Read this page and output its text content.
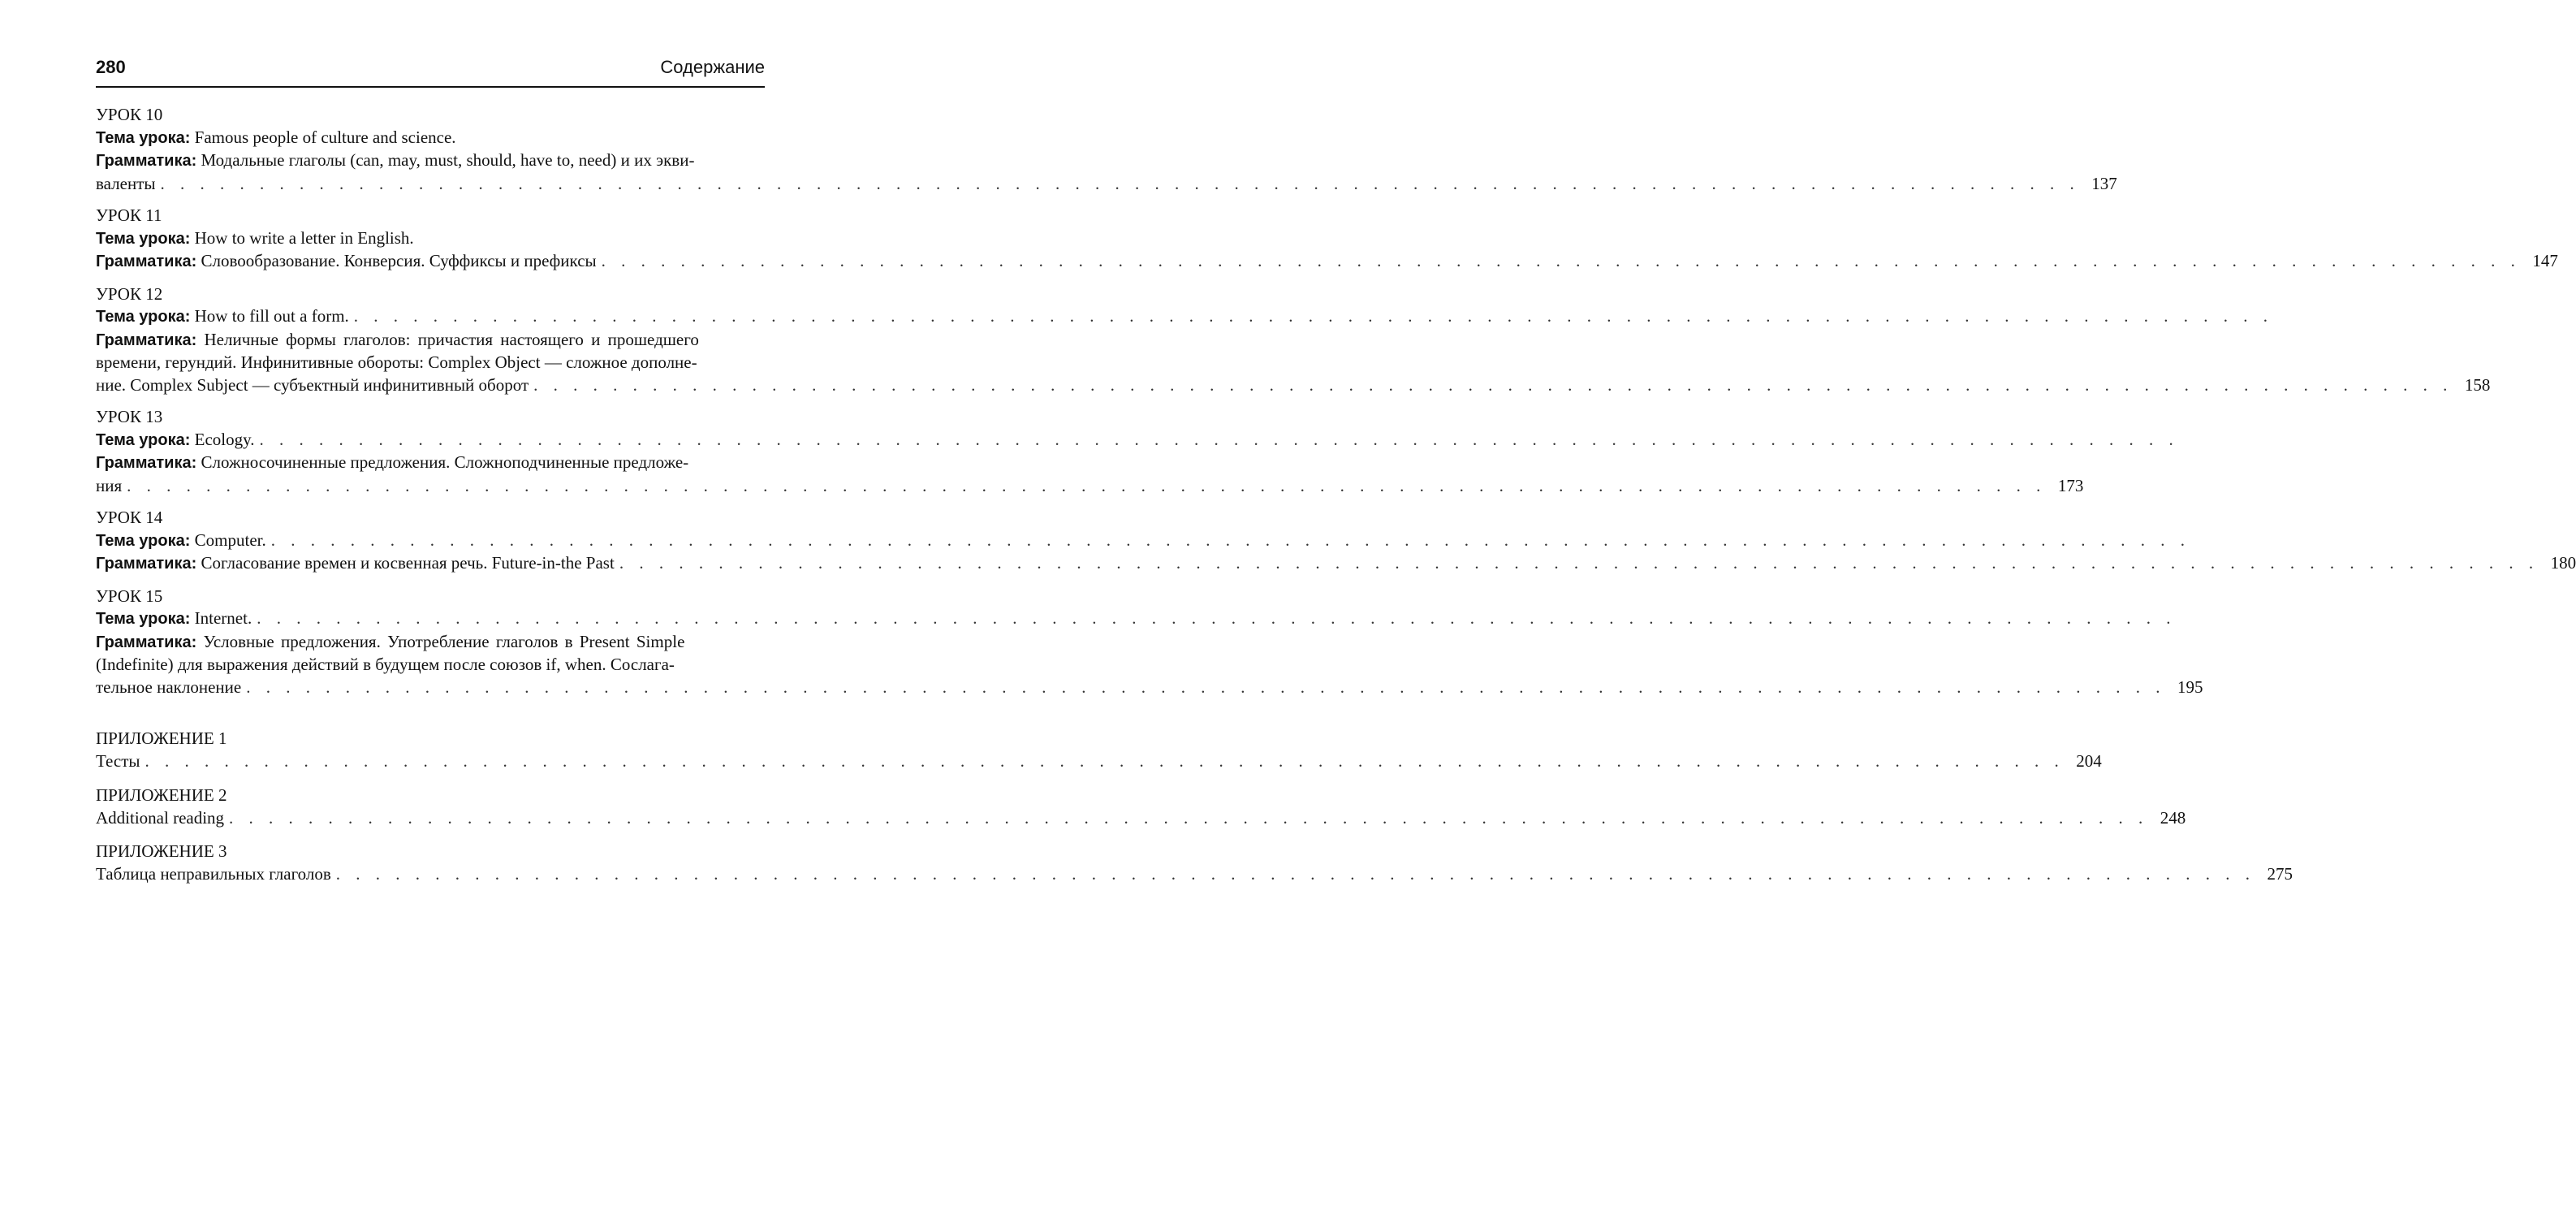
280	Содержание
УРОК 10
Тема урока: Famous people of culture and science.
Грамматика: Модальные глаголы (can, may, must, should, have to, need) и их экви-
валенты . . . . . . . . . . . . . . . . . . . . . . . . . . . . . . . . . . . . . . . . . . . . . . . . . . . . . . . . . . . . . . . . . . . . . . . . . . . . . . . . . . . . . . . . . . . . . . . . . 137
УРОК 11
Тема урока: How to write a letter in English.
Грамматика: Словообразование. Конверсия. Суффиксы и префиксы . . . . . . . . . . . . . . . . . . . . . . . . . . . . . . . . . . . . . . . . . . . . . . . . . . . . . . . . . . . . . . . . . . . . . . . . . . . . . . . . . . . . . . . . . . . . . . . . . 147
УРОК 12
Тема урока: How to fill out a form. . . . . . . . . . . . . . . . . . . . . . . . . . . . . . . . . . . . . . . . . . . . . . . . . . . . . . . . . . . . . . . . . . . . . . . . . . . . . . . . . . . . . . . . . . . . . . . . . .
Грамматика: Неличные формы глаголов: причастия настоящего и прошедшего
времени, герундий. Инфинитивные обороты: Complex Object — сложное дополне-
ние. Complex Subject — субъектный инфинитивный оборот . . . . . . . . . . . . . . . . . . . . . . . . . . . . . . . . . . . . . . . . . . . . . . . . . . . . . . . . . . . . . . . . . . . . . . . . . . . . . . . . . . . . . . . . . . . . . . . . . 158
УРОК 13
Тема урока: Ecology. . . . . . . . . . . . . . . . . . . . . . . . . . . . . . . . . . . . . . . . . . . . . . . . . . . . . . . . . . . . . . . . . . . . . . . . . . . . . . . . . . . . . . . . . . . . . . . . . .
Грамматика: Сложносочиненные предложения. Сложноподчиненные предложе-
ния . . . . . . . . . . . . . . . . . . . . . . . . . . . . . . . . . . . . . . . . . . . . . . . . . . . . . . . . . . . . . . . . . . . . . . . . . . . . . . . . . . . . . . . . . . . . . . . . . 173
УРОК 14
Тема урока: Computer. . . . . . . . . . . . . . . . . . . . . . . . . . . . . . . . . . . . . . . . . . . . . . . . . . . . . . . . . . . . . . . . . . . . . . . . . . . . . . . . . . . . . . . . . . . . . . . . . .
Грамматика: Согласование времен и косвенная речь. Future-in-the Past . . . . . . . . . . . . . . . . . . . . . . . . . . . . . . . . . . . . . . . . . . . . . . . . . . . . . . . . . . . . . . . . . . . . . . . . . . . . . . . . . . . . . . . . . . . . . . . . . 180
УРОК 15
Тема урока: Internet. . . . . . . . . . . . . . . . . . . . . . . . . . . . . . . . . . . . . . . . . . . . . . . . . . . . . . . . . . . . . . . . . . . . . . . . . . . . . . . . . . . . . . . . . . . . . . . . . .
Грамматика: Условные предложения. Употребление глаголов в Present Simple
(Indefinite) для выражения действий в будущем после союзов if, when. Сослага-
тельное наклонение . . . . . . . . . . . . . . . . . . . . . . . . . . . . . . . . . . . . . . . . . . . . . . . . . . . . . . . . . . . . . . . . . . . . . . . . . . . . . . . . . . . . . . . . . . . . . . . . . 195
ПРИЛОЖЕНИЕ 1
Тесты . . . . . . . . . . . . . . . . . . . . . . . . . . . . . . . . . . . . . . . . . . . . . . . . . . . . . . . . . . . . . . . . . . . . . . . . . . . . . . . . . . . . . . . . . . . . . . . . . 204
ПРИЛОЖЕНИЕ 2
Additional reading . . . . . . . . . . . . . . . . . . . . . . . . . . . . . . . . . . . . . . . . . . . . . . . . . . . . . . . . . . . . . . . . . . . . . . . . . . . . . . . . . . . . . . . . . . . . . . . . . 248
ПРИЛОЖЕНИЕ 3
Таблица неправильных глаголов . . . . . . . . . . . . . . . . . . . . . . . . . . . . . . . . . . . . . . . . . . . . . . . . . . . . . . . . . . . . . . . . . . . . . . . . . . . . . . . . . . . . . . . . . . . . . . . . . 275
